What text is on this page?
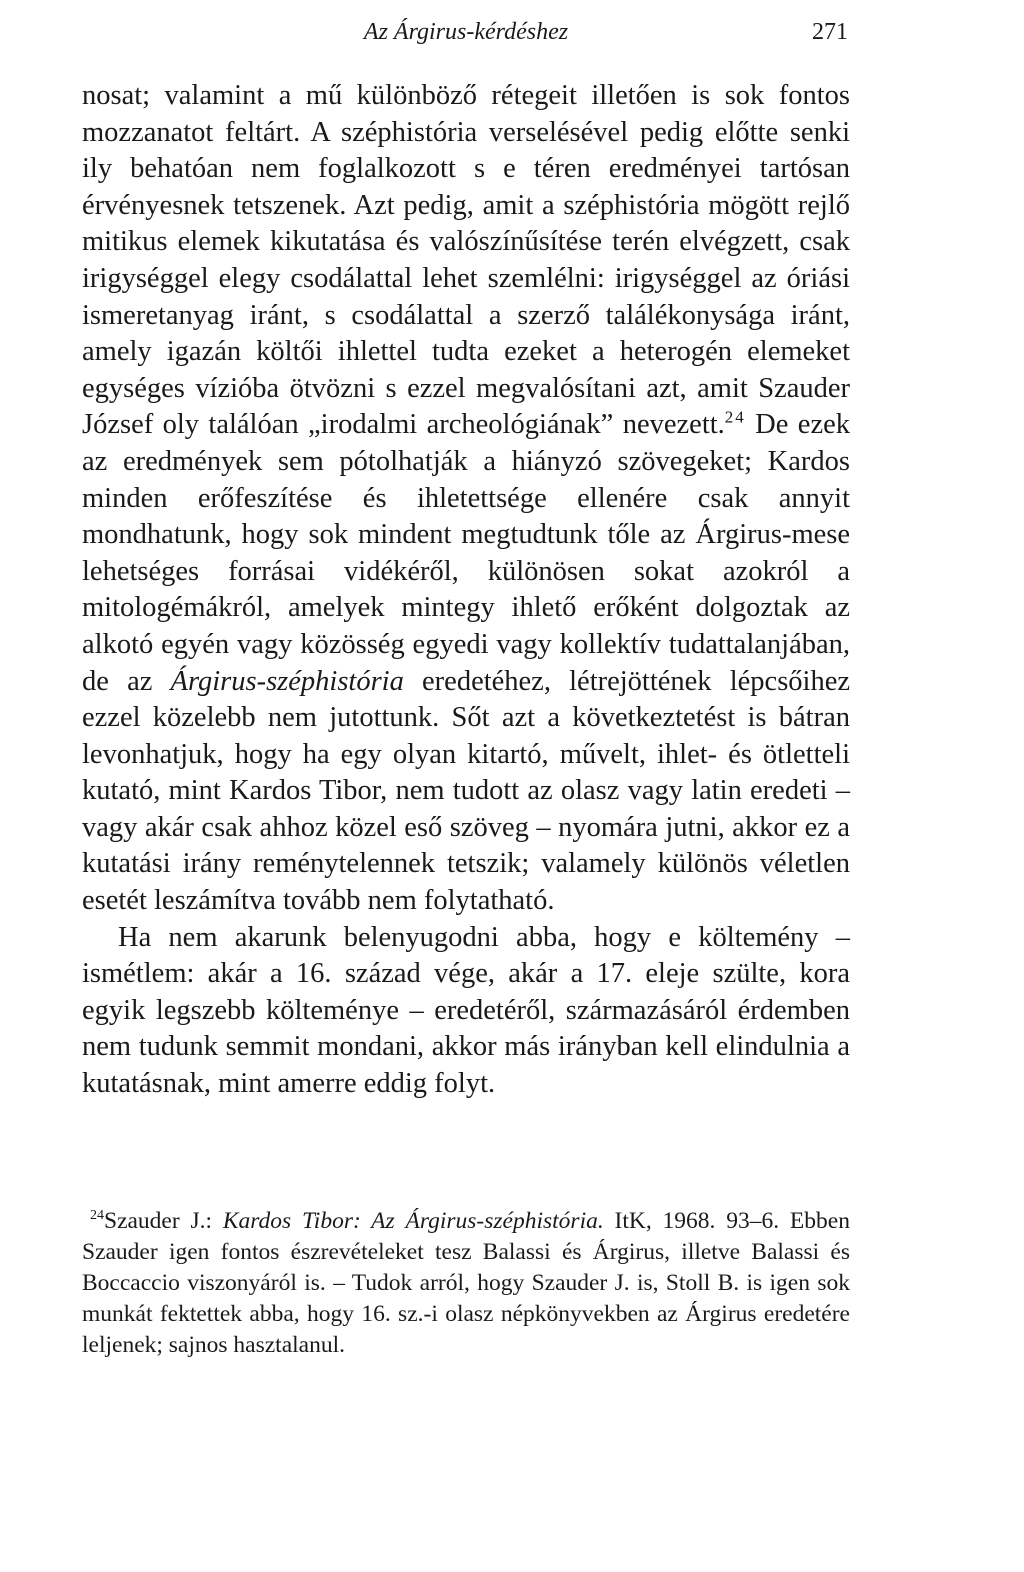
Az Árgirus-kérdéshez	271

nosat; valamint a mű különböző rétegeit illetően is sok fontos mozzanatot feltárt. A széphistória verselésével pedig előtte senki ily behatóan nem foglalkozott s e téren eredményei tartósan érvényesnek tetszenek. Azt pedig, amit a széphistória mögött rejlő mitikus elemek kikutatása és valószínűsítése terén elvégzett, csak irigységgel elegy csodálattal lehet szemlélni: irigységgel az óriási ismeretanyag iránt, s csodálattal a szerző találékonysága iránt, amely igazán költői ihlettel tudta ezeket a heterogén elemeket egységes vízióba ötvözni s ezzel megvalósítani azt, amit Szauder József oly találóan „irodalmi archeológiának” nevezett.$^{24}$ De ezek az eredmények sem pótolhatják a hiányzó szövegeket; Kardos minden erőfeszítése és ihletettsége ellenére csak annyit mondhatunk, hogy sok mindent megtudtunk tőle az Árgirus-mese lehetséges forrásai vidékéről, különösen sokat azokról a mitologémákról, amelyek mintegy ihlető erőként dolgoztak az alkotó egyén vagy közösség egyedi vagy kollektív tudattalanjában, de az Árgirus-széphistória eredetéhez, létrejöttének lépcsőihez ezzel közelebb nem jutottunk. Sőt azt a következtetést is bátran levonhatjuk, hogy ha egy olyan kitartó, művelt, ihlet- és ötletteli kutató, mint Kardos Tibor, nem tudott az olasz vagy latin eredeti – vagy akár csak ahhoz közel eső szöveg – nyomára jutni, akkor ez a kutatási irány reménytelennek tetszik; valamely különös véletlen esetét leszámítva tovább nem folytatható.

Ha nem akarunk belenyugodni abba, hogy e költemény – ismétlem: akár a 16. század vége, akár a 17. eleje szülte, kora egyik legszebb költeménye – eredetéről, származásáról érdemben nem tudunk semmit mondani, akkor más irányban kell elindulnia a kutatásnak, mint amerre eddig folyt.

$^{24}$Szauder J.: Kardos Tibor: Az Árgirus-széphistória. ItK, 1968. 93–6. Ebben Szauder igen fontos észrevételeket tesz Balassi és Árgirus, illetve Balassi és Boccaccio viszonyáról is. – Tudok arról, hogy Szauder J. is, Stoll B. is igen sok munkát fektettek abba, hogy 16. sz.-i olasz népkönyvekben az Árgirus eredetére leljenek; sajnos hasztalanul.
